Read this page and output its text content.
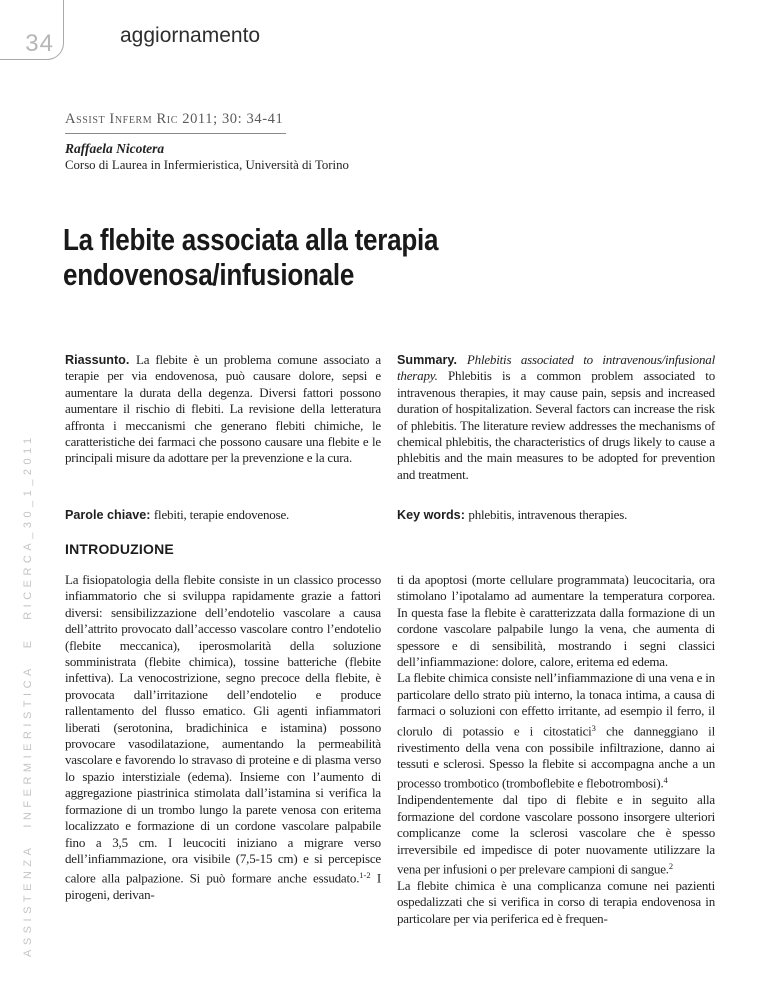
34	aggiornamento
Assist Inferm Ric 2011; 30: 34-41
Raffaela Nicotera
Corso di Laurea in Infermieristica, Università di Torino
La flebite associata alla terapia endovenosa/infusionale
Riassunto. La flebite è un problema comune associato a terapie per via endovenosa, può causare dolore, sepsi e aumentare la durata della degenza. Diversi fattori possono aumentare il rischio di flebiti. La revisione della letteratura affronta i meccanismi che generano flebiti chimiche, le caratteristiche dei farmaci che possono causare una flebite e le principali misure da adottare per la prevenzione e la cura.
Summary. Phlebitis associated to intravenous/infusional therapy. Phlebitis is a common problem associated to intravenous therapies, it may cause pain, sepsis and increased duration of hospitalization. Several factors can increase the risk of phlebitis. The literature review addresses the mechanisms of chemical phlebitis, the characteristics of drugs likely to cause a phlebitis and the main measures to be adopted for prevention and treatment.
Parole chiave: flebiti, terapie endovenose.	Key words: phlebitis, intravenous therapies.
INTRODUZIONE

La fisiopatologia della flebite consiste in un classico processo infiammatorio che si sviluppa rapidamente grazie a fattori diversi: sensibilizzazione dell’endotelio vascolare a causa dell’attrito provocato dall’accesso vascolare contro l’endotelio (flebite meccanica), iperosmolarità della soluzione somministrata (flebite chimica), tossine batteriche (flebite infettiva). La venocostrizione, segno precoce della flebite, è provocata dall’irritazione dell’endotelio e produce rallentamento del flusso ematico. Gli agenti infiammatori liberati (serotonina, bradichinica e istamina) possono provocare vasodilatazione, aumentando la permeabilità vascolare e favorendo lo stravaso di proteine e di plasma verso lo spazio interstiziale (edema). Insieme con l’aumento di aggregazione piastrinica stimolata dall’istamina si verifica la formazione di un trombo lungo la parete venosa con eritema localizzato e formazione di un cordone vascolare palpabile fino a 3,5 cm. I leucociti iniziano a migrare verso dell’infiammazione, ora visibile (7,5-15 cm) e si percepisce calore alla palpazione. Si può formare anche essudato.$^{1-2}$ I pirogeni, derivan-

ti da apoptosi (morte cellulare programmata) leucocitaria, ora stimolano l’ipotalamo ad aumentare la temperatura corporea. In questa fase la flebite è caratterizzata dalla formazione di un cordone vascolare palpabile lungo la vena, che aumenta di spessore e di sensibilità, mostrando i segni classici dell’infiammazione: dolore, calore, eritema ed edema.

La flebite chimica consiste nell’infiammazione di una vena e in particolare dello strato più interno, la tonaca intima, a causa di farmaci o soluzioni con effetto irritante, ad esempio il ferro, il clorulo di potassio e i citostatici$^3$ che danneggiano il rivestimento della vena con possibile infiltrazione, danno ai tessuti e sclerosi. Spesso la flebite si accompagna anche a un processo trombotico (tromboflebite e flebotrombosi).$^4$

Indipendentemente dal tipo di flebite e in seguito alla formazione del cordone vascolare possono insorgere ulteriori complicanze come la sclerosi vascolare che è spesso irreversibile ed impedisce di poter nuovamente utilizzare la vena per infusioni o per prelevare campioni di sangue.$^2$

La flebite chimica è una complicanza comune nei pazienti ospedalizzati che si verifica in corso di terapia endovenosa in particolare per via periferica ed è frequen-

ASSISTENZA INFERMIERISTICA E RICERCA_30_1_2011
